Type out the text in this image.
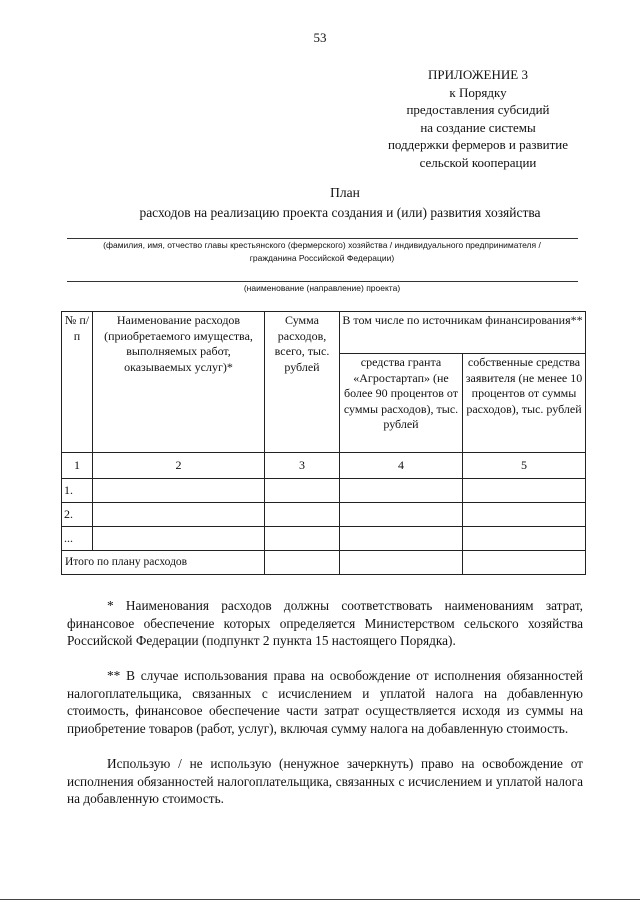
53
ПРИЛОЖЕНИЕ 3
к Порядку
предоставления субсидий
на создание системы
поддержки фермеров и развитие
сельской кооперации
План
расходов на реализацию проекта создания и (или) развития хозяйства
(фамилия, имя, отчество главы крестьянского (фермерского) хозяйства / индивидуального предпринимателя /
гражданина Российской Федерации)
(наименование (направление) проекта)
№ п/п	Наименование расходов (приобретаемого имущества, выполняемых работ, оказываемых услуг)*	Сумма расходов, всего, тыс. рублей	В том числе по источникам финансирования**	
			средства гранта «Агростартап» (не более 90 процентов от суммы расходов), тыс. рублей	собственные средства заявителя (не менее 10 процентов от суммы расходов), тыс. рублей
1	2	3	4	5
1.				
2.				
...				
Итого по плану расходов				

* Наименования расходов должны соответствовать наименованиям затрат, финансовое обеспечение которых определяется Министерством сельского хозяйства Российской Федерации (подпункт 2 пункта 15 настоящего Порядка).

** В случае использования права на освобождение от исполнения обязанностей налогоплательщика, связанных с исчислением и уплатой налога на добавленную стоимость, финансовое обеспечение части затрат осуществляется исходя из суммы на приобретение товаров (работ, услуг), включая сумму налога на добавленную стоимость.

Использую / не использую (ненужное зачеркнуть) право на освобождение от исполнения обязанностей налогоплательщика, связанных с исчислением и уплатой налога на добавленную стоимость.
